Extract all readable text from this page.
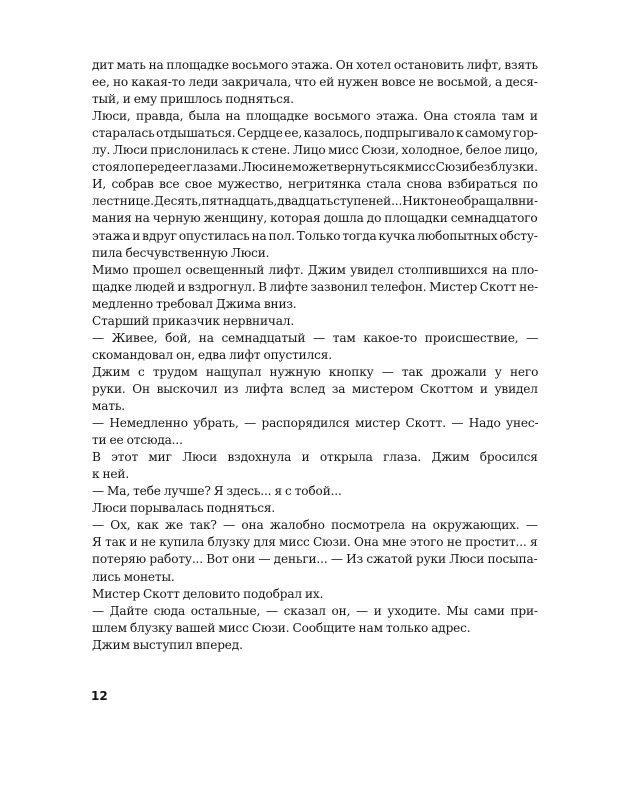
дит мать на площадке восьмого этажа. Он хотел остановить лифт, взять
ее, но какая-то леди закричала, что ей нужен вовсе не восьмой, а деся-
тый, и ему пришлось подняться.
Люси, правда, была на площадке восьмого этажа. Она стояла там и
старалась отдышаться. Сердце ее, казалось, подпрыгивало к самому гор-
лу. Люси прислонилась к стене. Лицо мисс Сюзи, холодное, белое лицо,
стояло перед ее глазами. Люси не может вернуться к мисс Сюзи без блузки.
И, собрав все свое мужество, негритянка стала снова взбираться по
лестнице. Десять, пятнадцать, двадцать ступеней... Никто не обращал вни-
мания на черную женщину, которая дошла до площадки семнадцатого
этажа и вдруг опустилась на пол. Только тогда кучка любопытных обсту-
пила бесчувственную Люси.
Мимо прошел освещенный лифт. Джим увидел столпившихся на пло-
щадке людей и вздрогнул. В лифте зазвонил телефон. Мистер Скотт не-
медленно требовал Джима вниз.
Старший приказчик нервничал.
— Живее, бой, на семнадцатый — там какое-то происшествие, —
скомандовал он, едва лифт опустился.
Джим с трудом нащупал нужную кнопку — так дрожали у него
руки. Он выскочил из лифта вслед за мистером Скоттом и увидел
мать.
— Немедленно убрать, — распорядился мистер Скотт. — Надо унес-
ти ее отсюда...
В этот миг Люси вздохнула и открыла глаза. Джим бросился
к ней.
— Ма, тебе лучше? Я здесь... я с тобой...
Люси порывалась подняться.
— Ох, как же так? — она жалобно посмотрела на окружающих. —
Я так и не купила блузку для мисс Сюзи. Она мне этого не простит... я
потеряю работу... Вот они — деньги... — Из сжатой руки Люси посыпа-
лись монеты.
Мистер Скотт деловито подобрал их.
— Дайте сюда остальные, — сказал он, — и уходите. Мы сами при-
шлем блузку вашей мисс Сюзи. Сообщите нам только адрес.
Джим выступил вперед.
12
